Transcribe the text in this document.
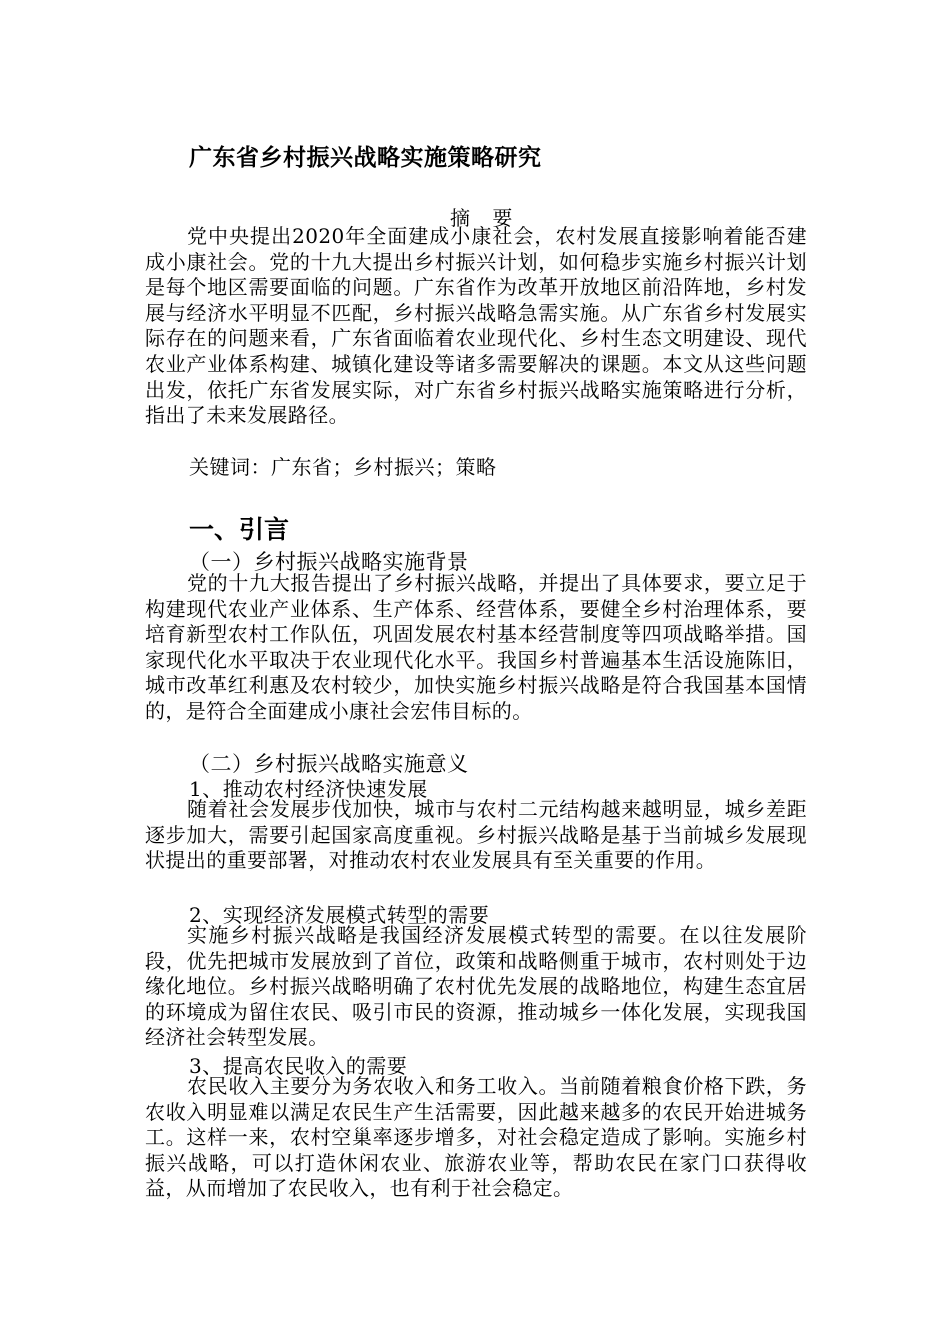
广东省乡村振兴战略实施策略研究
摘 要
党中央提出2020年全面建成小康社会，农村发展直接影响着能否建成小康社会。党的十九大提出乡村振兴计划，如何稳步实施乡村振兴计划是每个地区需要面临的问题。广东省作为改革开放地区前沿阵地，乡村发展与经济水平明显不匹配，乡村振兴战略急需实施。从广东省乡村发展实际存在的问题来看，广东省面临着农业现代化、乡村生态文明建设、现代农业产业体系构建、城镇化建设等诸多需要解决的课题。本文从这些问题出发，依托广东省发展实际，对广东省乡村振兴战略实施策略进行分析，指出了未来发展路径。
关键词：广东省；乡村振兴；策略
一、引言
（一）乡村振兴战略实施背景
党的十九大报告提出了乡村振兴战略，并提出了具体要求，要立足于构建现代农业产业体系、生产体系、经营体系，要健全乡村治理体系，要培育新型农村工作队伍，巩固发展农村基本经营制度等四项战略举措。国家现代化水平取决于农业现代化水平。我国乡村普遍基本生活设施陈旧，城市改革红利惠及农村较少，加快实施乡村振兴战略是符合我国基本国情的，是符合全面建成小康社会宏伟目标的。
（二）乡村振兴战略实施意义
1、推动农村经济快速发展
随着社会发展步伐加快，城市与农村二元结构越来越明显，城乡差距逐步加大，需要引起国家高度重视。乡村振兴战略是基于当前城乡发展现状提出的重要部署，对推动农村农业发展具有至关重要的作用。
2、实现经济发展模式转型的需要
实施乡村振兴战略是我国经济发展模式转型的需要。在以往发展阶段，优先把城市发展放到了首位，政策和战略侧重于城市，农村则处于边缘化地位。乡村振兴战略明确了农村优先发展的战略地位，构建生态宜居的环境成为留住农民、吸引市民的资源，推动城乡一体化发展，实现我国经济社会转型发展。
3、提高农民收入的需要
农民收入主要分为务农收入和务工收入。当前随着粮食价格下跌，务农收入明显难以满足农民生产生活需要，因此越来越多的农民开始进城务工。这样一来，农村空巢率逐步增多，对社会稳定造成了影响。实施乡村振兴战略，可以打造休闲农业、旅游农业等，帮助农民在家门口获得收益，从而增加了农民收入，也有利于社会稳定。
